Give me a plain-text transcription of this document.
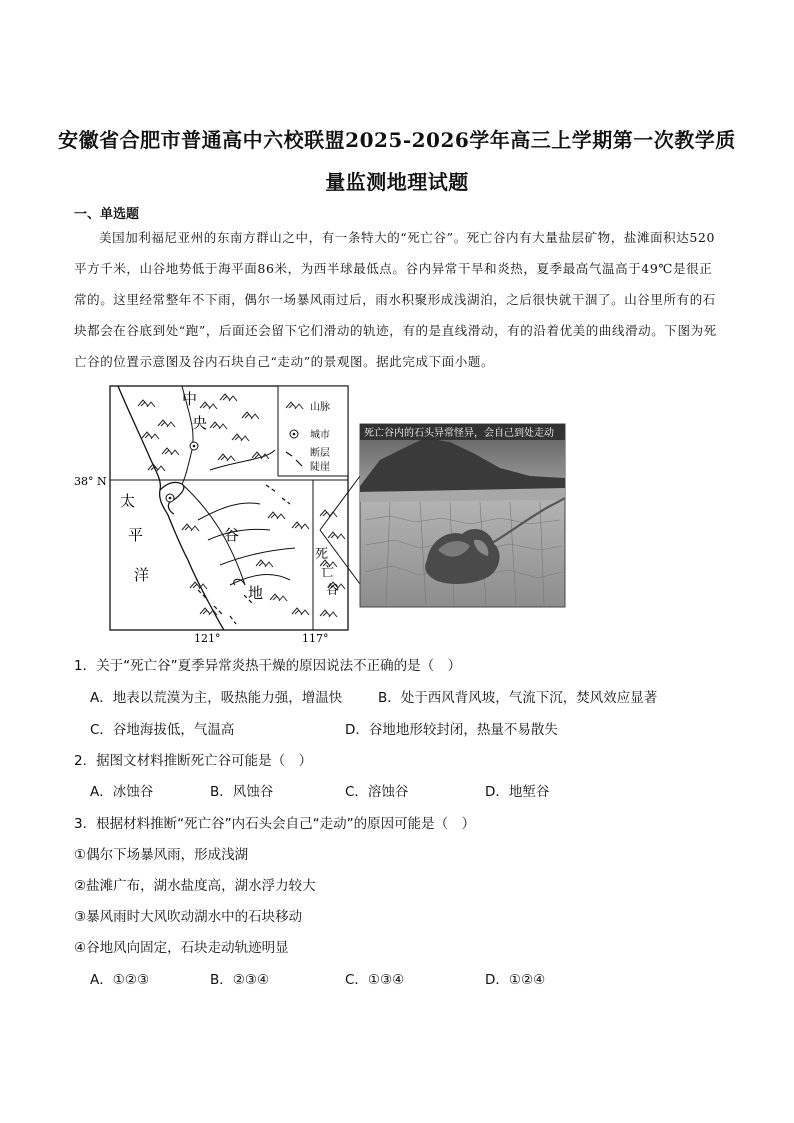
安徽省合肥市普通高中六校联盟2025-2026学年高三上学期第一次教学质
量监测地理试题
一、单选题
美国加利福尼亚州的东南方群山之中，有一条特大的“死亡谷”。死亡谷内有大量盐层矿物，盐滩面积达520平方千米，山谷地势低于海平面86米，为西半球最低点。谷内异常干旱和炎热，夏季最高气温高于49℃是很正常的。这里经常整年不下雨，偶尔一场暴风雨过后，雨水积聚形成浅湖泊，之后很快就干涸了。山谷里所有的石块都会在谷底到处“跑”，后面还会留下它们滑动的轨迹，有的是直线滑动，有的沿着优美的曲线滑动。下图为死亡谷的位置示意图及谷内石块自己“走动”的景观图。据此完成下面小题。
38° N
121°	117°
太
平
洋
中
央
谷
地
死
亡
谷
山脉
城市
断层
陡崖
死亡谷内的石头异常怪异，会自己到处走动
1．关于“死亡谷”夏季异常炎热干燥的原因说法不正确的是（　）
A．地表以荒漠为主，吸热能力强，增温快	B．处于西风背风坡，气流下沉，焚风效应显著
C．谷地海拔低，气温高	D．谷地地形较封闭，热量不易散失
2．据图文材料推断死亡谷可能是（　）
A．冰蚀谷	B．风蚀谷	C．溶蚀谷	D．地堑谷
3．根据材料推断“死亡谷”内石头会自己“走动”的原因可能是（　）
①偶尔下场暴风雨，形成浅湖
②盐滩广布，湖水盐度高，湖水浮力较大
③暴风雨时大风吹动湖水中的石块移动
④谷地风向固定，石块走动轨迹明显
A．①②③	B．②③④	C．①③④	D．①②④
